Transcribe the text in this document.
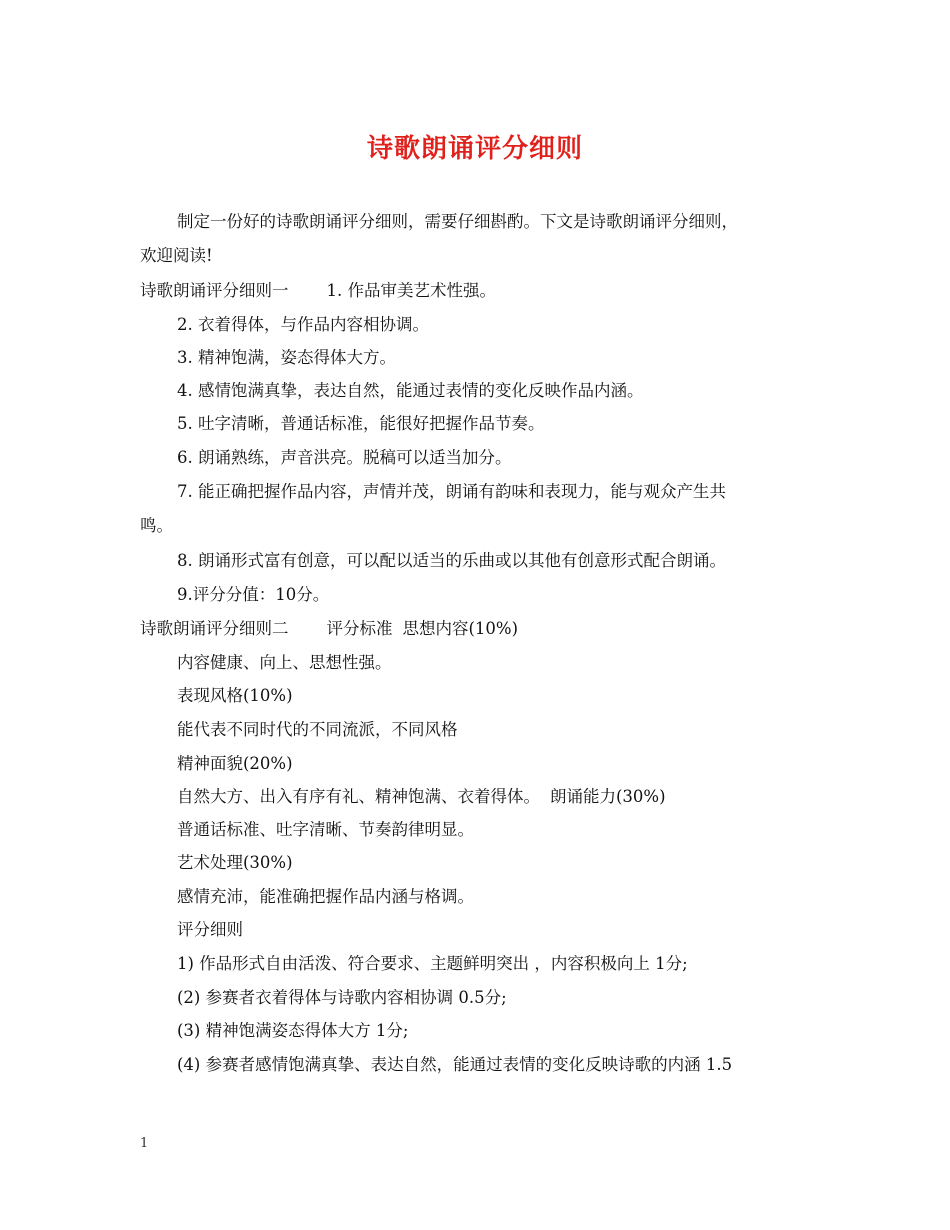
诗歌朗诵评分细则
制定一份好的诗歌朗诵评分细则，需要仔细斟酌。下文是诗歌朗诵评分细则，
欢迎阅读!
诗歌朗诵评分细则一 1. 作品审美艺术性强。
2. 衣着得体，与作品内容相协调。
3. 精神饱满，姿态得体大方。
4. 感情饱满真挚，表达自然，能通过表情的变化反映作品内涵。
5. 吐字清晰，普通话标准，能很好把握作品节奏。
6. 朗诵熟练，声音洪亮。脱稿可以适当加分。
7. 能正确把握作品内容，声情并茂，朗诵有韵味和表现力，能与观众产生共
鸣。
8. 朗诵形式富有创意，可以配以适当的乐曲或以其他有创意形式配合朗诵。
9.评分分值：10分。
诗歌朗诵评分细则二 评分标准 思想内容(10%)
内容健康、向上、思想性强。
表现风格(10%)
能代表不同时代的不同流派，不同风格
精神面貌(20%)
自然大方、出入有序有礼、精神饱满、衣着得体。 朗诵能力(30%)
普通话标准、吐字清晰、节奏韵律明显。
艺术处理(30%)
感情充沛，能准确把握作品内涵与格调。
评分细则
1) 作品形式自由活泼、符合要求、主题鲜明突出 ，内容积极向上 1分;
(2) 参赛者衣着得体与诗歌内容相协调 0.5分;
(3) 精神饱满姿态得体大方 1分;
(4) 参赛者感情饱满真挚、表达自然，能通过表情的变化反映诗歌的内涵 1.5
1
